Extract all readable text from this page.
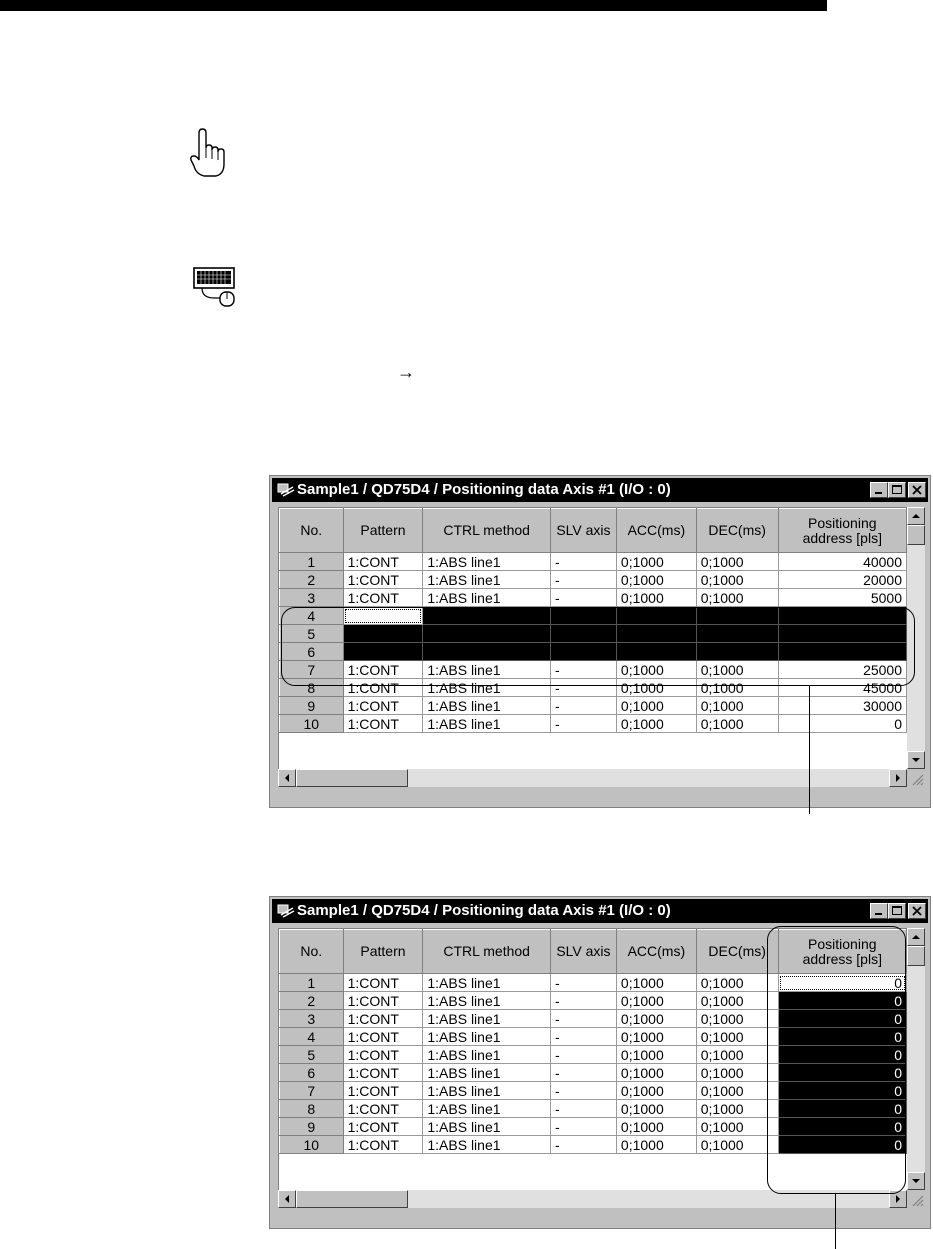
→
Sample1 / QD75D4 / Positioning data Axis #1 (I/O : 0)
No.	Pattern	CTRL method	SLV axis	ACC(ms)	DEC(ms)	Positioning address [pls]
1	1:CONT	1:ABS line1	-	0;1000	0;1000	40000
2	1:CONT	1:ABS line1	-	0;1000	0;1000	20000
3	1:CONT	1:ABS line1	-	0;1000	0;1000	5000
4						
5						
6						
7	1:CONT	1:ABS line1	-	0;1000	0;1000	25000
8	1:CONT	1:ABS line1	-	0;1000	0;1000	45000
9	1:CONT	1:ABS line1	-	0;1000	0;1000	30000
10	1:CONT	1:ABS line1	-	0;1000	0;1000	0
Sample1 / QD75D4 / Positioning data Axis #1 (I/O : 0)
No.	Pattern	CTRL method	SLV axis	ACC(ms)	DEC(ms)	Positioning address [pls]
1	1:CONT	1:ABS line1	-	0;1000	0;1000	0
2	1:CONT	1:ABS line1	-	0;1000	0;1000	0
3	1:CONT	1:ABS line1	-	0;1000	0;1000	0
4	1:CONT	1:ABS line1	-	0;1000	0;1000	0
5	1:CONT	1:ABS line1	-	0;1000	0;1000	0
6	1:CONT	1:ABS line1	-	0;1000	0;1000	0
7	1:CONT	1:ABS line1	-	0;1000	0;1000	0
8	1:CONT	1:ABS line1	-	0;1000	0;1000	0
9	1:CONT	1:ABS line1	-	0;1000	0;1000	0
10	1:CONT	1:ABS line1	-	0;1000	0;1000	0
